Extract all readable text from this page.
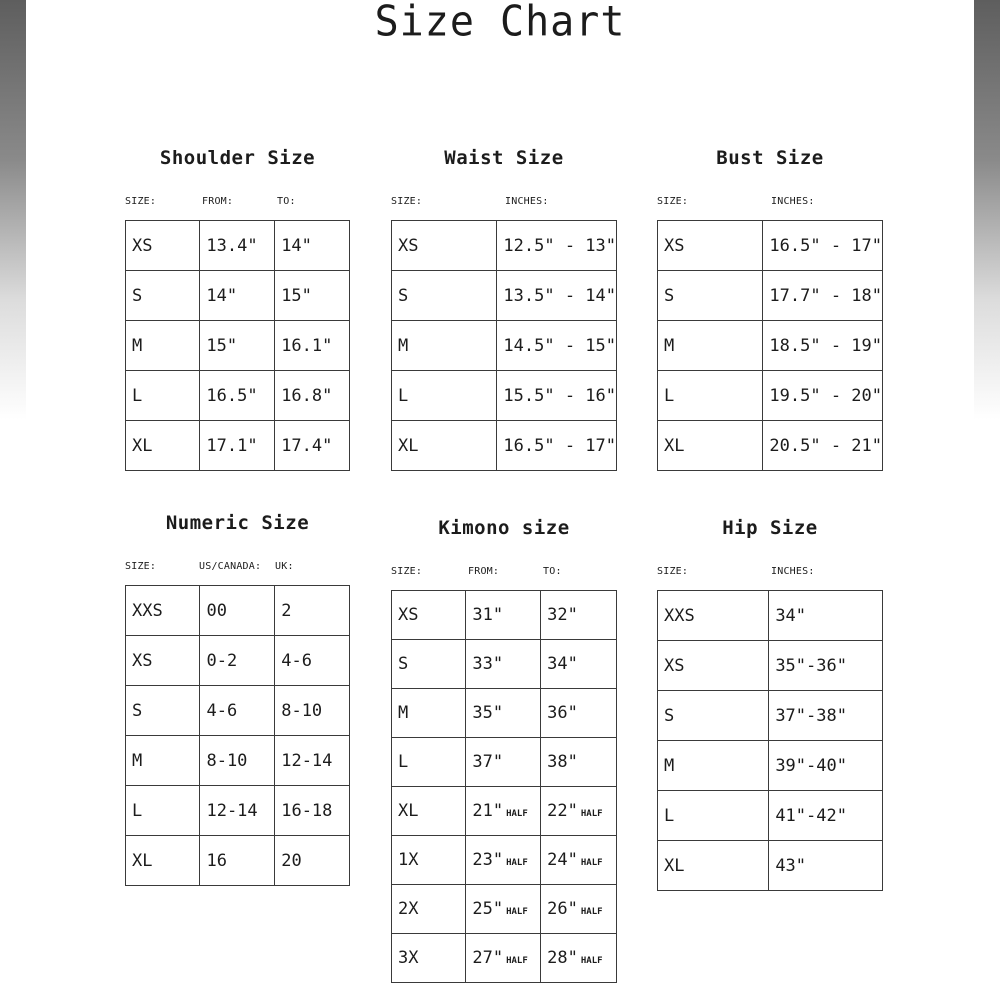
Size Chart
Shoulder Size
SIZE:	FROM:	TO:
XS	13.4"	14"
S	14"	15"
M	15"	16.1"
L	16.5"	16.8"
XL	17.1"	17.4"
Waist Size
SIZE:	INCHES:
XS	12.5" - 13"
S	13.5" - 14"
M	14.5" - 15"
L	15.5" - 16"
XL	16.5" - 17"
Bust Size
SIZE:	INCHES:
XS	16.5" - 17"
S	17.7" - 18"
M	18.5" - 19"
L	19.5" - 20"
XL	20.5" - 21"
Numeric Size
SIZE:	US/CANADA: UK:
XXS	00	2
XS	0-2	4-6
S	4-6	8-10
M	8-10	12-14
L	12-14	16-18
XL	16	20
Kimono size
SIZE:	FROM:	TO:
XS	31"	32"
S	33"	34"
M	35"	36"
L	37"	38"
XL	21" HALF	22" HALF
1X	23" HALF	24" HALF
2X	25" HALF	26" HALF
3X	27" HALF	28" HALF
Hip Size
SIZE:	INCHES:
XXS	34"
XS	35"-36"
S	37"-38"
M	39"-40"
L	41"-42"
XL	43"
